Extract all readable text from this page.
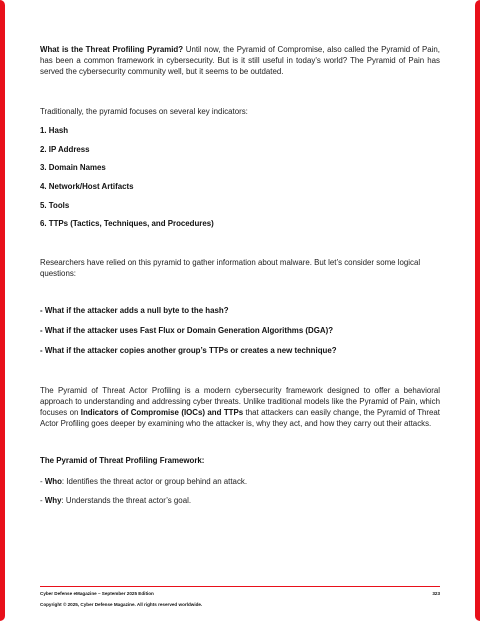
What is the Threat Profiling Pyramid? Until now, the Pyramid of Compromise, also called the Pyramid of Pain, has been a common framework in cybersecurity. But is it still useful in today’s world? The Pyramid of Pain has served the cybersecurity community well, but it seems to be outdated.

Traditionally, the pyramid focuses on several key indicators:

1. Hash

2. IP Address

3. Domain Names

4. Network/Host Artifacts

5. Tools

6. TTPs (Tactics, Techniques, and Procedures)

Researchers have relied on this pyramid to gather information about malware. But let’s consider some logical questions:

- What if the attacker adds a null byte to the hash?

- What if the attacker uses Fast Flux or Domain Generation Algorithms (DGA)?

- What if the attacker copies another group’s TTPs or creates a new technique?

The Pyramid of Threat Actor Profiling is a modern cybersecurity framework designed to offer a behavioral approach to understanding and addressing cyber threats. Unlike traditional models like the Pyramid of Pain, which focuses on Indicators of Compromise (IOCs) and TTPs that attackers can easily change, the Pyramid of Threat Actor Profiling goes deeper by examining who the attacker is, why they act, and how they carry out their attacks.

The Pyramid of Threat Profiling Framework:

- Who: Identifies the threat actor or group behind an attack.

- Why: Understands the threat actor’s goal.

Cyber Defense eMagazine – September 2025 Edition	323
Copyright © 2025, Cyber Defense Magazine. All rights reserved worldwide.
